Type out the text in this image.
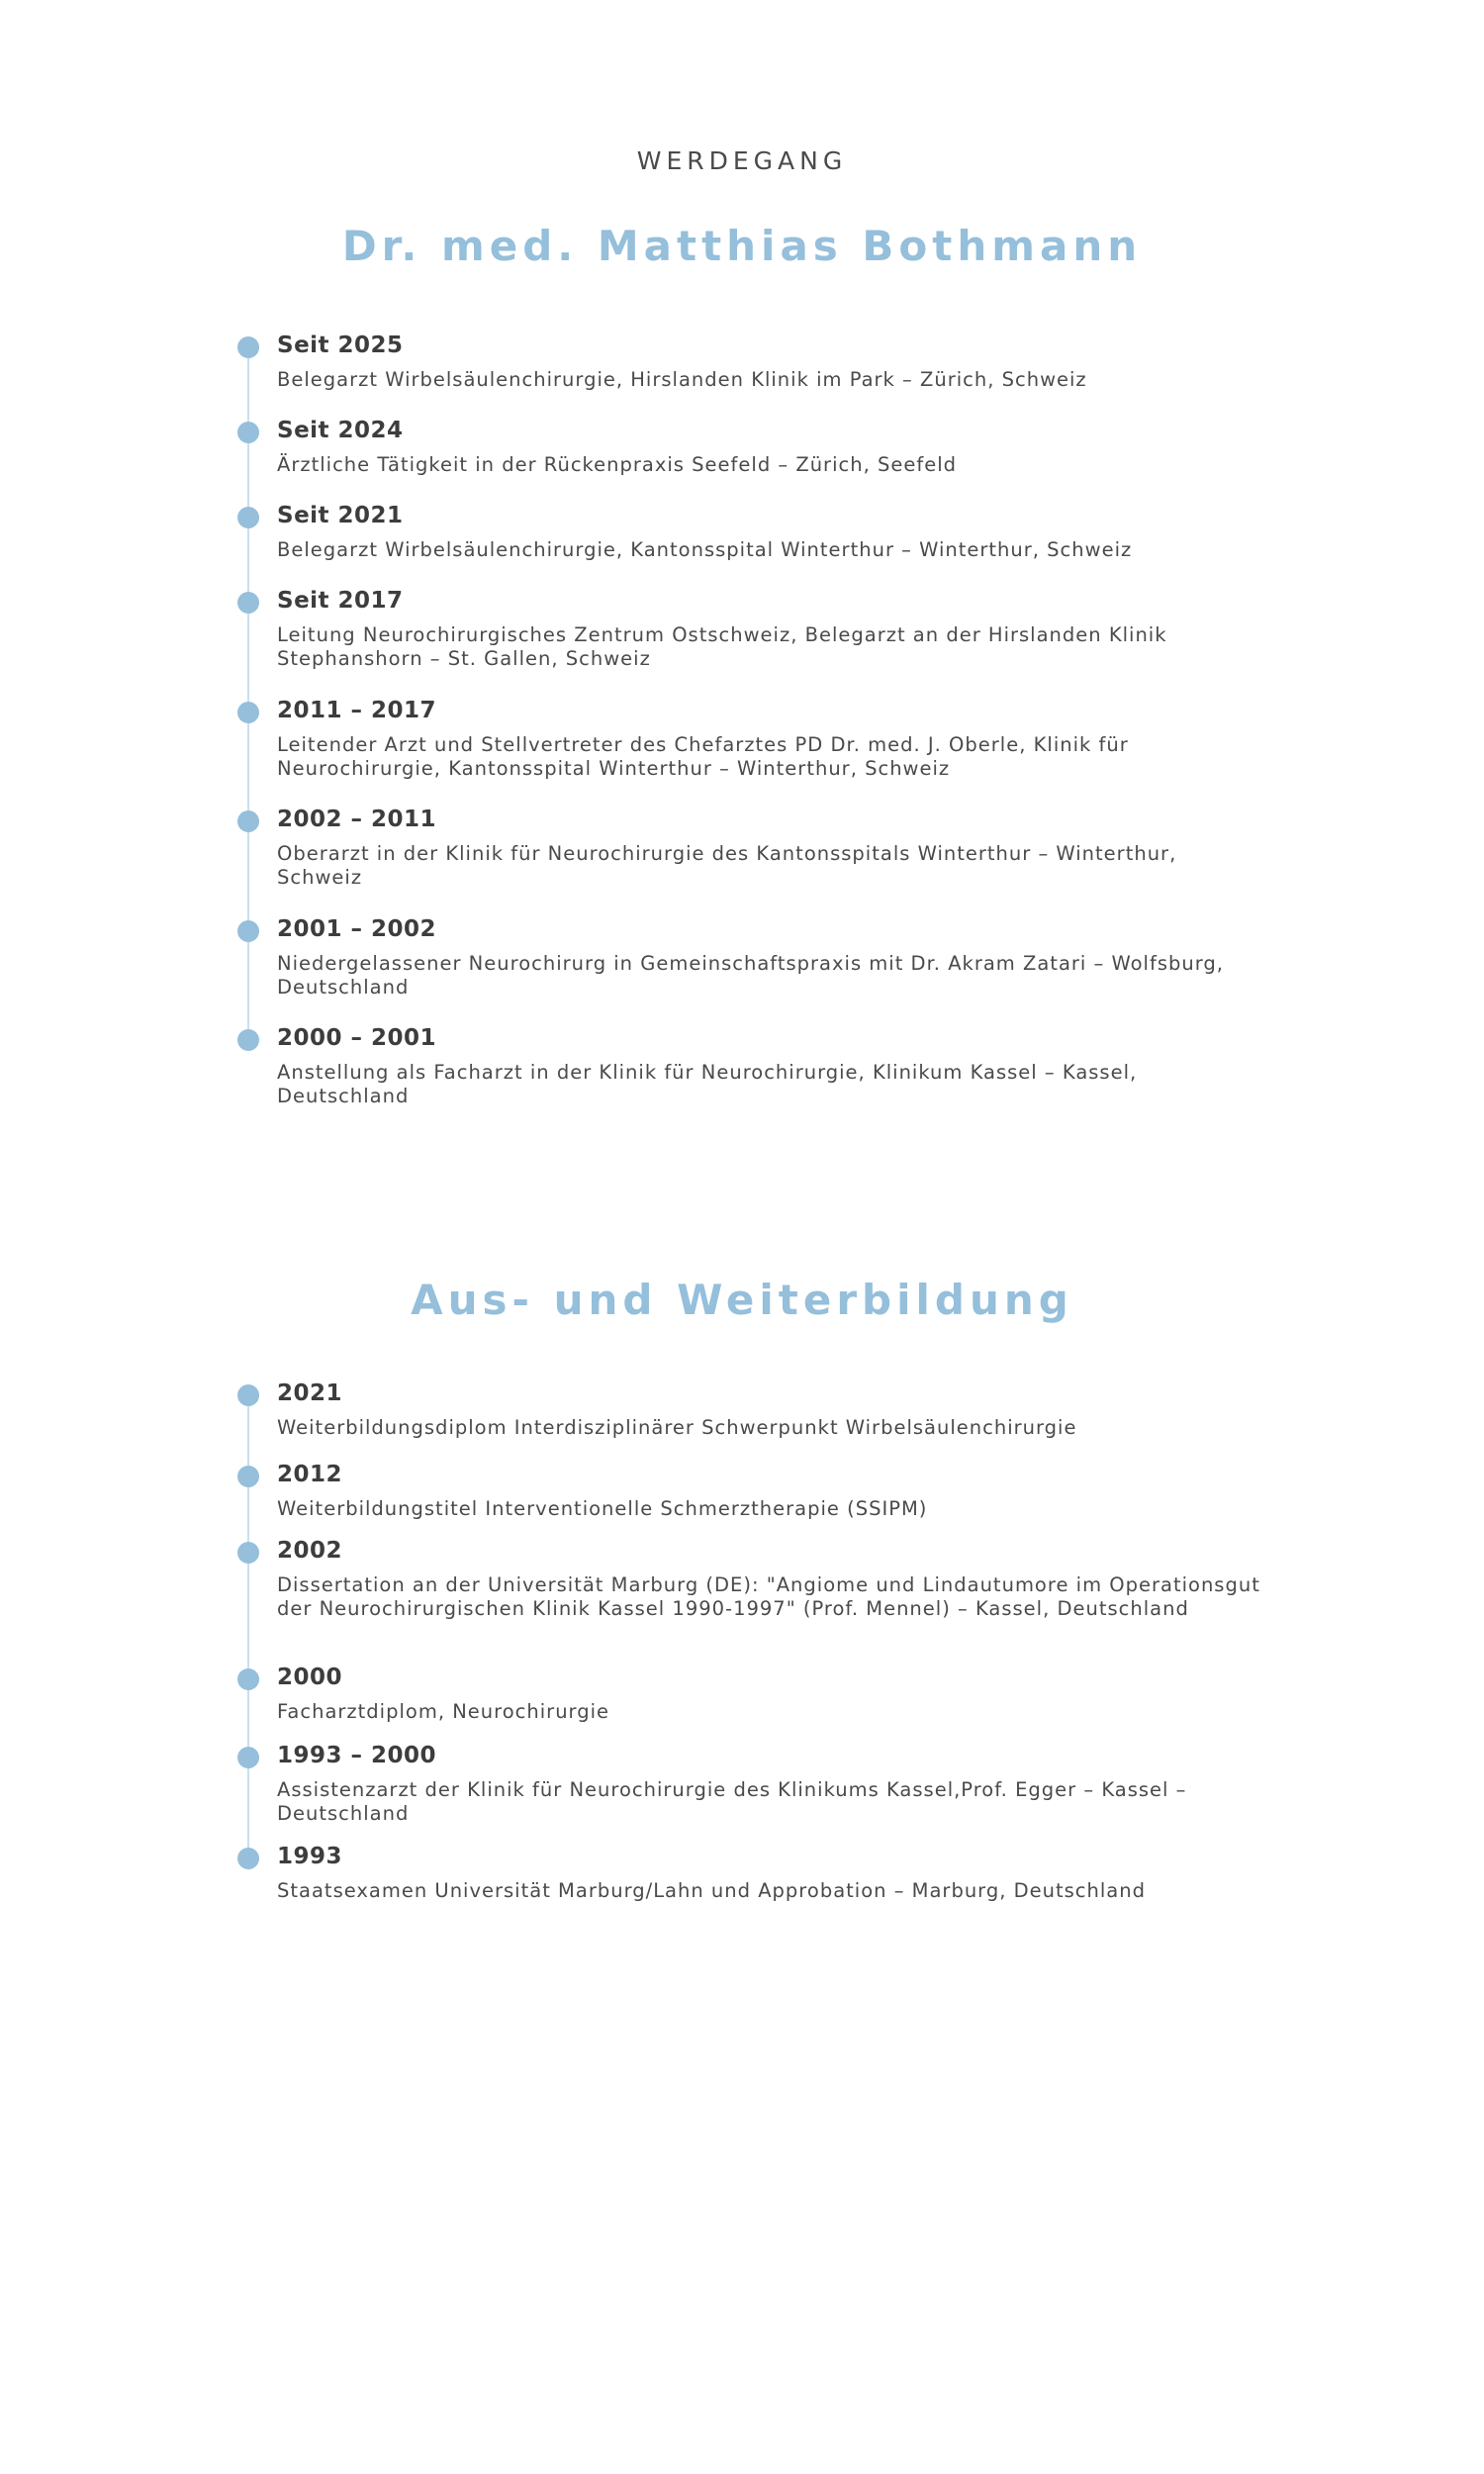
WERDEGANG
Dr. med. Matthias Bothmann

Seit 2025

Belegarzt Wirbelsäulenchirurgie, Hirslanden Klinik im Park – Zürich, Schweiz

Seit 2024

Ärztliche Tätigkeit in der Rückenpraxis Seefeld – Zürich, Seefeld

Seit 2021

Belegarzt Wirbelsäulenchirurgie, Kantonsspital Winterthur – Winterthur, Schweiz

Seit 2017

Leitung Neurochirurgisches Zentrum Ostschweiz, Belegarzt an der Hirslanden Klinik Stephanshorn – St. Gallen, Schweiz

2011 – 2017

Leitender Arzt und Stellvertreter des Chefarztes PD Dr. med. J. Oberle, Klinik für Neurochirurgie, Kantonsspital Winterthur – Winterthur, Schweiz

2002 – 2011

Oberarzt in der Klinik für Neurochirurgie des Kantonsspitals Winterthur – Winterthur, Schweiz

2001 – 2002

Niedergelassener Neurochirurg in Gemeinschaftspraxis mit Dr. Akram Zatari – Wolfsburg, Deutschland

2000 – 2001

Anstellung als Facharzt in der Klinik für Neurochirurgie, Klinikum Kassel – Kassel, Deutschland

Aus- und Weiterbildung

2021

Weiterbildungsdiplom Interdisziplinärer Schwerpunkt Wirbelsäulenchirurgie

2012

Weiterbildungstitel Interventionelle Schmerztherapie (SSIPM)

2002

Dissertation an der Universität Marburg (DE): "Angiome und Lindautumore im Operationsgut der Neurochirurgischen Klinik Kassel 1990-1997" (Prof. Mennel) – Kassel, Deutschland

2000

Facharztdiplom, Neurochirurgie

1993 – 2000

Assistenzarzt der Klinik für Neurochirurgie des Klinikums Kassel,Prof. Egger – Kassel – Deutschland

1993

Staatsexamen Universität Marburg/Lahn und Approbation – Marburg, Deutschland
